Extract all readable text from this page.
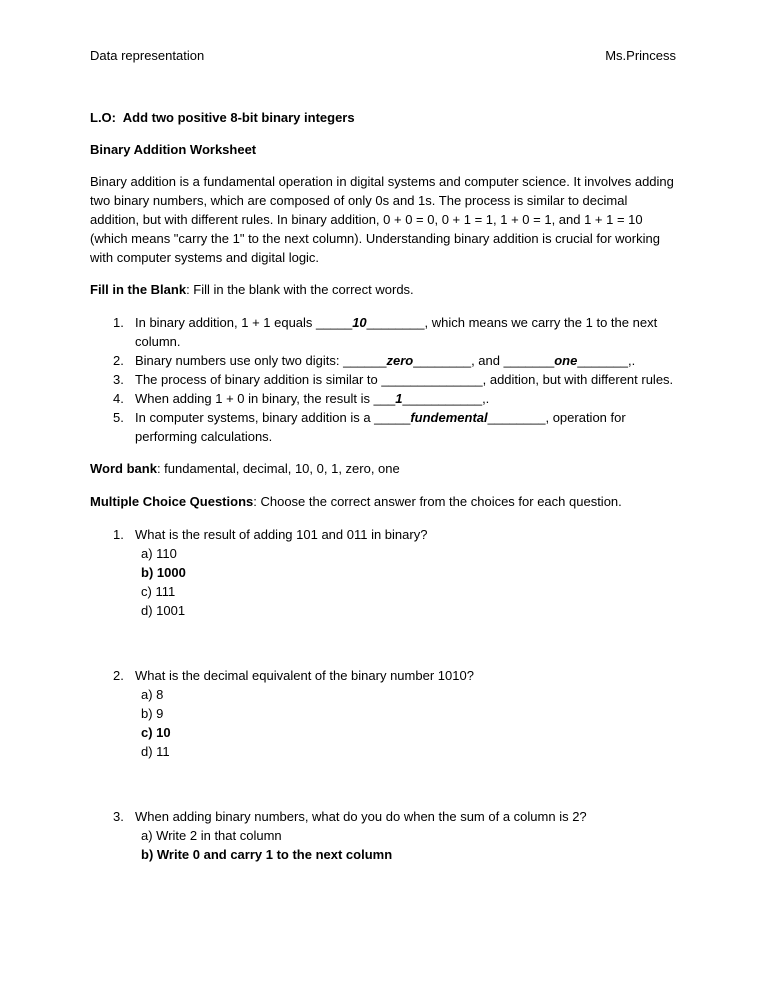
Data representation	Ms.Princess

L.O:  Add two positive 8-bit binary integers

Binary Addition Worksheet

Binary addition is a fundamental operation in digital systems and computer science. It involves adding two binary numbers, which are composed of only 0s and 1s. The process is similar to decimal addition, but with different rules. In binary addition, 0 + 0 = 0, 0 + 1 = 1, 1 + 0 = 1, and 1 + 1 = 10 (which means "carry the 1" to the next column). Understanding binary addition is crucial for working with computer systems and digital logic.

Fill in the Blank: Fill in the blank with the correct words.

1. In binary addition, 1 + 1 equals _____10________, which means we carry the 1 to the next column.
2. Binary numbers use only two digits: ______zero________, and _______one_______,.
3. The process of binary addition is similar to ______________, addition, but with different rules.
4. When adding 1 + 0 in binary, the result is ___1___________,.
5. In computer systems, binary addition is a _____fundemental________, operation for performing calculations.

Word bank: fundamental, decimal, 10, 0, 1, zero, one

Multiple Choice Questions: Choose the correct answer from the choices for each question.

1. What is the result of adding 101 and 011 in binary?
a) 110
b) 1000
c) 111
d) 1001
2. What is the decimal equivalent of the binary number 1010?
a) 8
b) 9
c) 10
d) 11
3. When adding binary numbers, what do you do when the sum of a column is 2?
a) Write 2 in that column
b) Write 0 and carry 1 to the next column
